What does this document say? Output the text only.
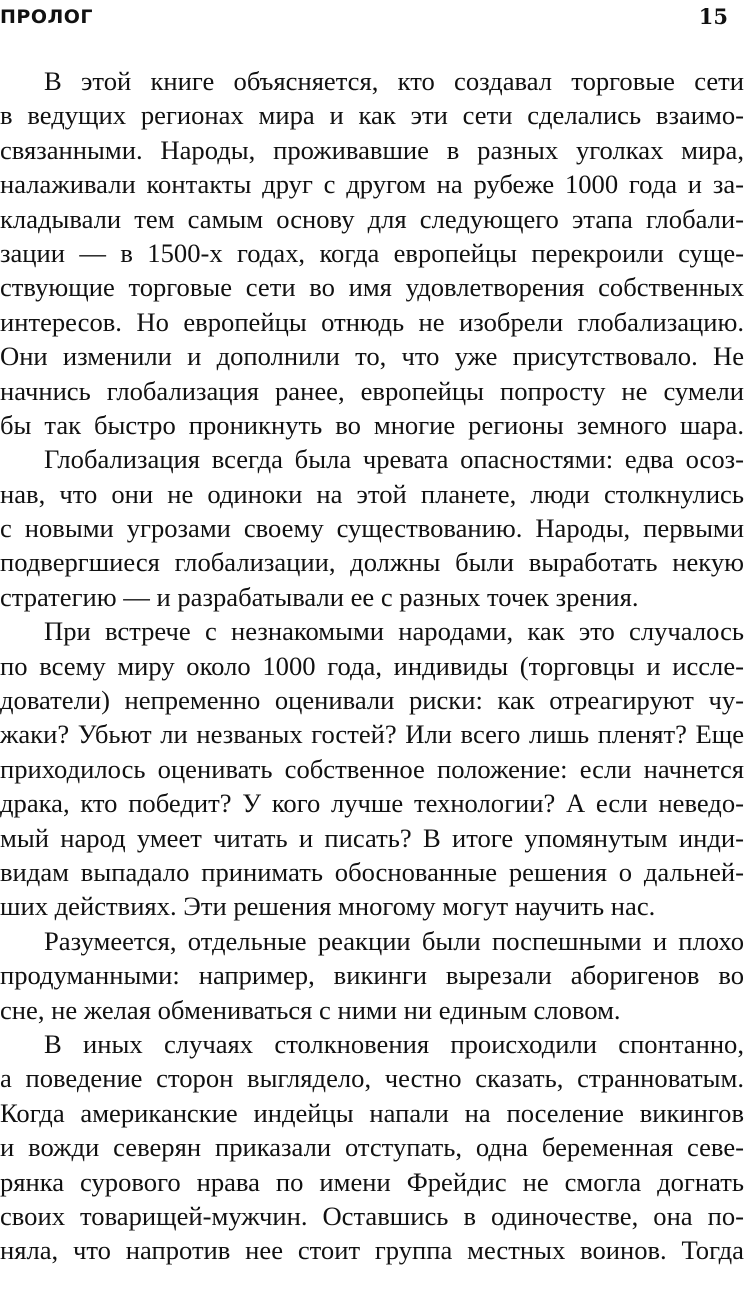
ПРОЛОГ	15
В этой книге объясняется, кто создавал торговые сети
в ведущих регионах мира и как эти сети сделались взаимо-
связанными. Народы, проживавшие в разных уголках мира,
налаживали контакты друг с другом на рубеже 1000 года и за-
кладывали тем самым основу для следующего этапа глобали-
зации — в 1500-х годах, когда европейцы перекроили суще-
ствующие торговые сети во имя удовлетворения собственных
интересов. Но европейцы отнюдь не изобрели глобализацию.
Они изменили и дополнили то, что уже присутствовало. Не
начнись глобализация ранее, европейцы попросту не сумели
бы так быстро проникнуть во многие регионы земного шара.
Глобализация всегда была чревата опасностями: едва осоз-
нав, что они не одиноки на этой планете, люди столкнулись
с новыми угрозами своему существованию. Народы, первыми
подвергшиеся глобализации, должны были выработать некую
стратегию — и разрабатывали ее с разных точек зрения.
При встрече с незнакомыми народами, как это случалось
по всему миру около 1000 года, индивиды (торговцы и иссле-
дователи) непременно оценивали риски: как отреагируют чу-
жаки? Убьют ли незваных гостей? Или всего лишь пленят? Еще
приходилось оценивать собственное положение: если начнется
драка, кто победит? У кого лучше технологии? А если неведо-
мый народ умеет читать и писать? В итоге упомянутым инди-
видам выпадало принимать обоснованные решения о дальней-
ших действиях. Эти решения многому могут научить нас.
Разумеется, отдельные реакции были поспешными и плохо
продуманными: например, викинги вырезали аборигенов во
сне, не желая обмениваться с ними ни единым словом.
В иных случаях столкновения происходили спонтанно,
а поведение сторон выглядело, честно сказать, странноватым.
Когда американские индейцы напали на поселение викингов
и вожди северян приказали отступать, одна беременная севе-
рянка сурового нрава по имени Фрейдис не смогла догнать
своих товарищей-мужчин. Оставшись в одиночестве, она по-
няла, что напротив нее стоит группа местных воинов. Тогда
